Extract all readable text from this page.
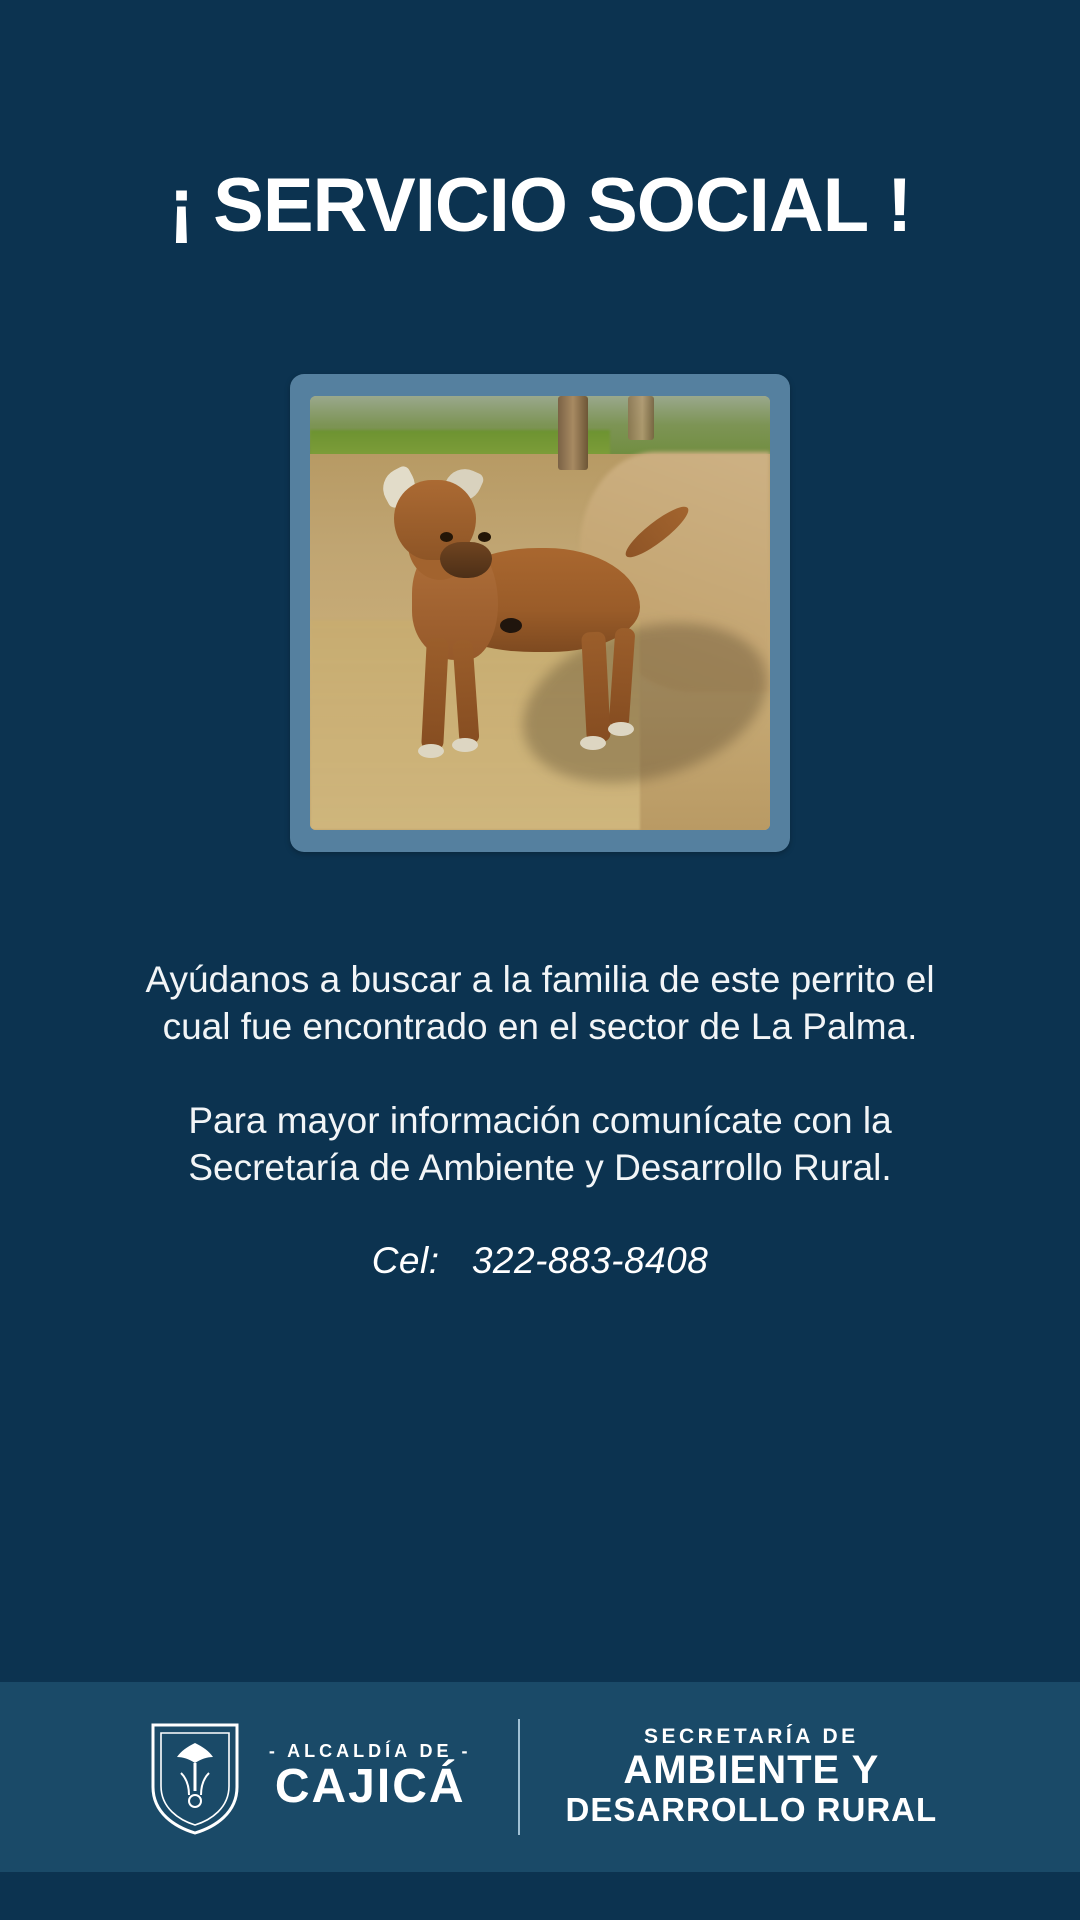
¡ SERVICIO SOCIAL !

Ayúdanos a buscar a la familia de este perrito el cual fue encontrado en el sector de La Palma.

Para mayor información comunícate con la Secretaría de Ambiente y Desarrollo Rural.

Cel: 322-883-8408
- ALCALDÍA DE -
CAJICÁ
SECRETARÍA DE
AMBIENTE Y
DESARROLLO RURAL
